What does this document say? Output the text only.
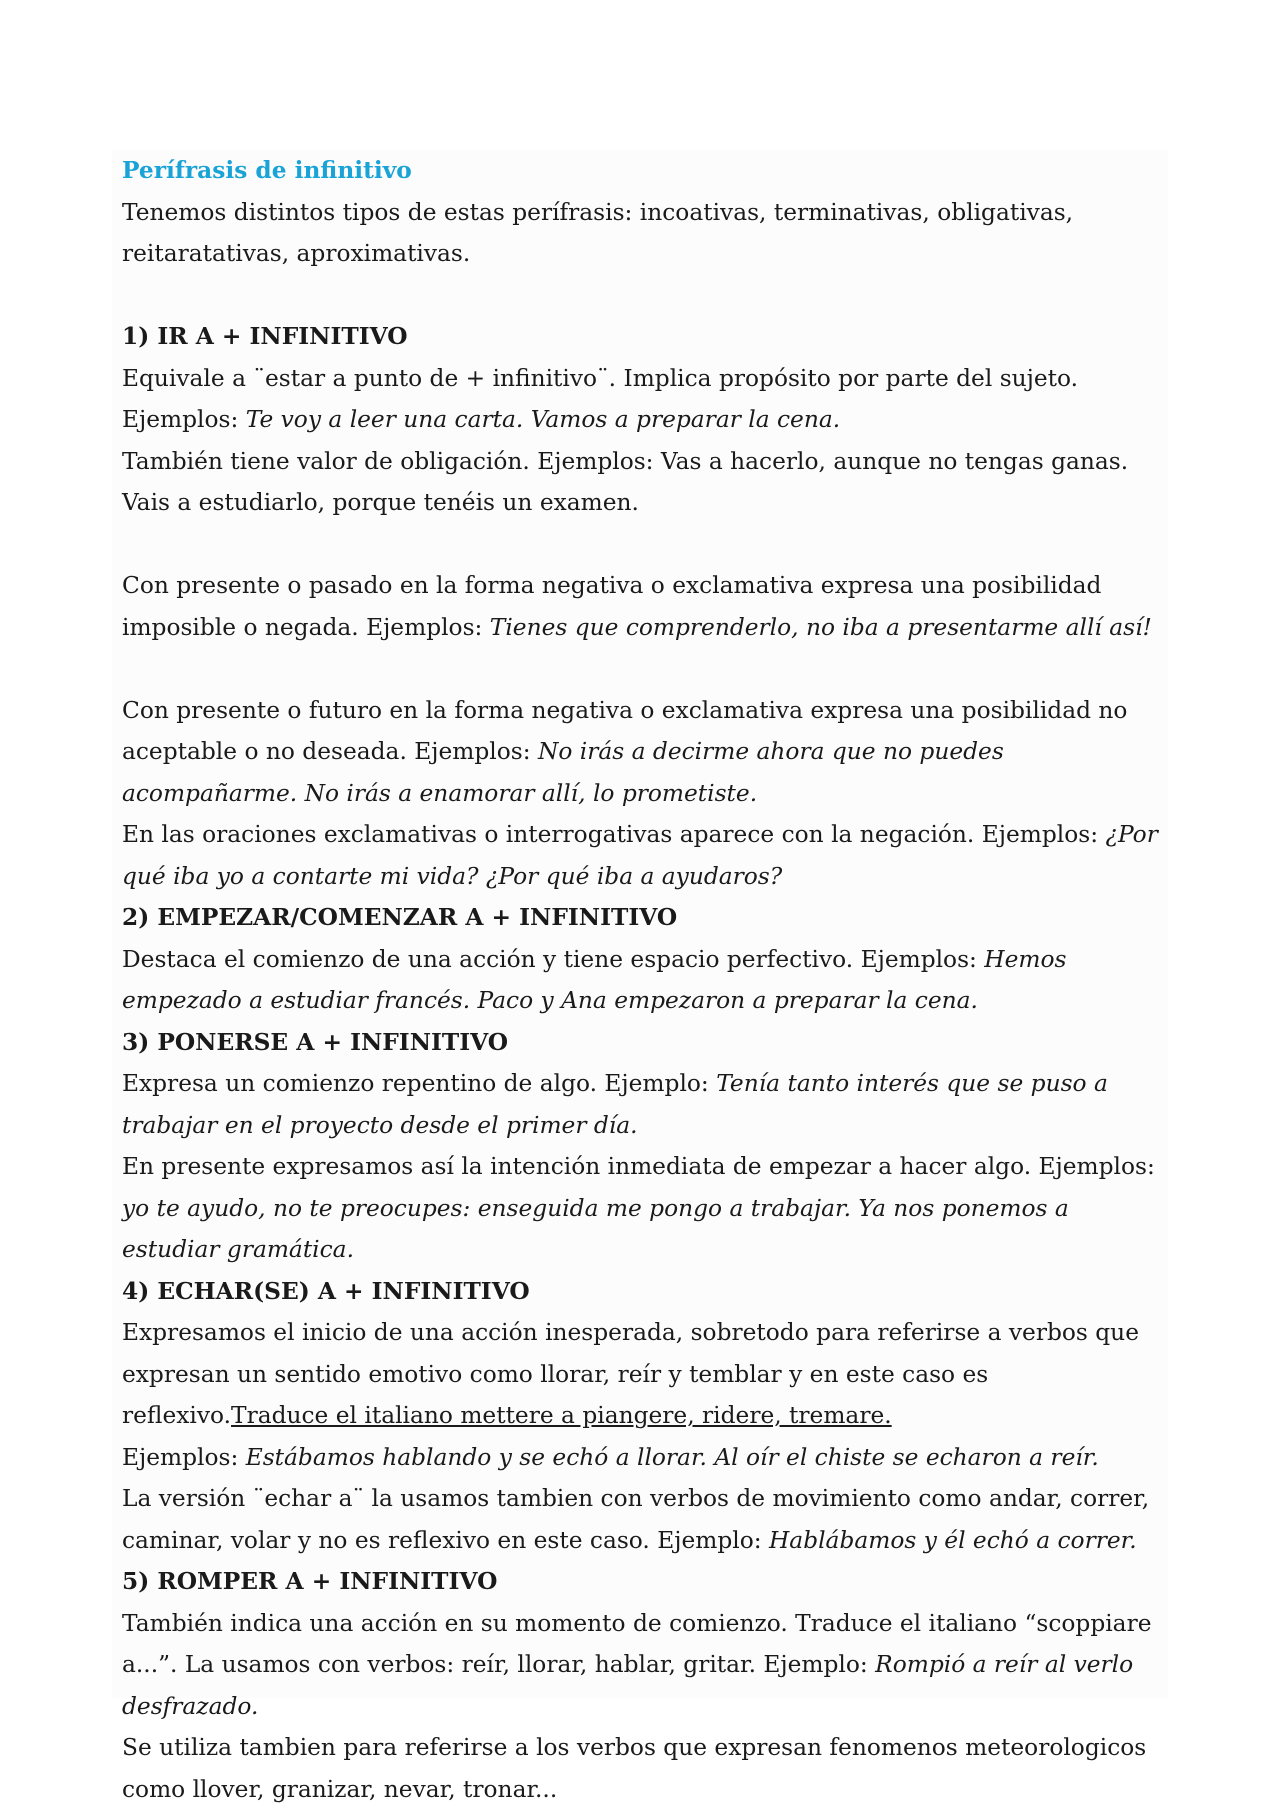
Perífrasis de infinitivo

Tenemos distintos tipos de estas perífrasis: incoativas, terminativas, obligativas, reitaratativas, aproximativas.

1) IR A + INFINITIVO

Equivale a ¨estar a punto de + infinitivo¨. Implica propósito por parte del sujeto. Ejemplos: Te voy a leer una carta. Vamos a preparar la cena.

También tiene valor de obligación. Ejemplos: Vas a hacerlo, aunque no tengas ganas. Vais a estudiarlo, porque tenéis un examen.

Con presente o pasado en la forma negativa o exclamativa expresa una posibilidad imposible o negada. Ejemplos: Tienes que comprenderlo, no iba a presentarme allí así!

Con presente o futuro en la forma negativa o exclamativa expresa una posibilidad no aceptable o no deseada. Ejemplos: No irás a decirme ahora que no puedes acompañarme. No irás a enamorar allí, lo prometiste.

En las oraciones exclamativas o interrogativas aparece con la negación. Ejemplos: ¿Por qué iba yo a contarte mi vida? ¿Por qué iba a ayudaros?

2) EMPEZAR/COMENZAR A + INFINITIVO

Destaca el comienzo de una acción y tiene espacio perfectivo. Ejemplos: Hemos empezado a estudiar francés. Paco y Ana empezaron a preparar la cena.

3) PONERSE A + INFINITIVO

Expresa un comienzo repentino de algo. Ejemplo: Tenía tanto interés que se puso a trabajar en el proyecto desde el primer día.

En presente expresamos así la intención inmediata de empezar a hacer algo. Ejemplos: yo te ayudo, no te preocupes: enseguida me pongo a trabajar. Ya nos ponemos a estudiar gramática.

4) ECHAR(SE) A + INFINITIVO

Expresamos el inicio de una acción inesperada, sobretodo para referirse a verbos que expresan un sentido emotivo como llorar, reír y temblar y en este caso es reflexivo.Traduce el italiano mettere a piangere, ridere, tremare.

Ejemplos: Estábamos hablando y se echó a llorar. Al oír el chiste se echaron a reír.

La versión ¨echar a¨ la usamos tambien con verbos de movimiento como andar, correr, caminar, volar y no es reflexivo en este caso. Ejemplo: Hablábamos y él echó a correr.

5) ROMPER A + INFINITIVO

También indica una acción en su momento de comienzo. Traduce el italiano “scoppiare a...”. La usamos con verbos: reír, llorar, hablar, gritar. Ejemplo: Rompió a reír al verlo desfrazado.

Se utiliza tambien para referirse a los verbos que expresan fenomenos meteorologicos como llover, granizar, nevar, tronar...
